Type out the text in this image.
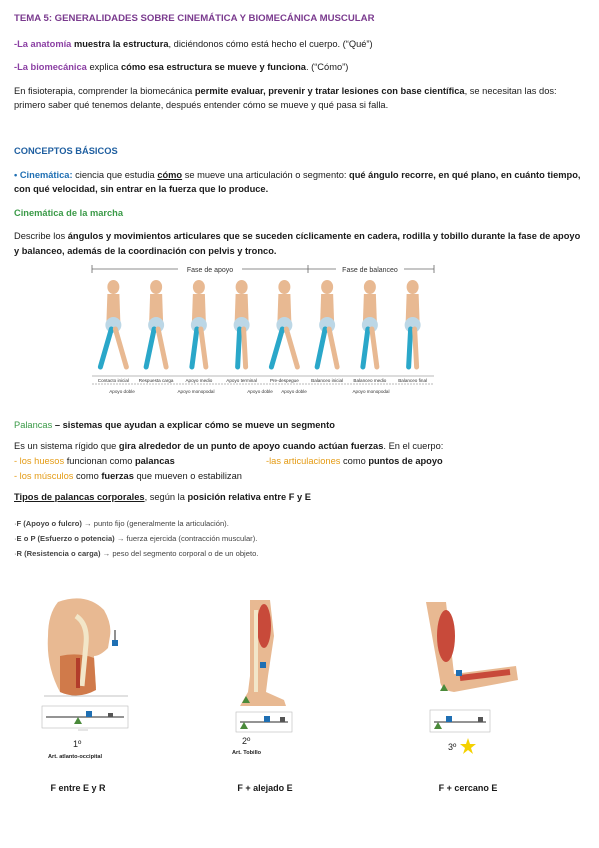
TEMA 5: GENERALIDADES SOBRE CINEMÁTICA Y BIOMECÁNICA MUSCULAR

-La anatomía muestra la estructura, diciéndonos cómo está hecho el cuerpo. (“Qué”)

-La biomecánica explica cómo esa estructura se mueve y funciona. (“Cómo”)

En fisioterapia, comprender la biomecánica permite evaluar, prevenir y tratar lesiones con base científica, se necesitan las dos: primero saber qué tenemos delante, después entender cómo se mueve y qué pasa si falla.

CONCEPTOS BÁSICOS

• Cinemática: ciencia que estudia cómo se mueve una articulación o segmento: qué ángulo recorre, en qué plano, en cuánto tiempo, con qué velocidad, sin entrar en la fuerza que lo produce.

Cinemática de la marcha

Describe los ángulos y movimientos articulares que se suceden cíclicamente en cadera, rodilla y tobillo durante la fase de apoyo y balanceo, además de la coordinación con pelvis y tronco.

Fase de apoyo	Fase de balanceo
Contacto inicial Respuesta carga	Apoyo medio	Apoyo terminal	Pre-despegue	Balanceo inicial Balanceo medio	Balanceo final
Apoyo doble	Apoyo monopodal	Apoyo doble Apoyo doble	Apoyo monopodal

Palancas – sistemas que ayudan a explicar cómo se mueve un segmento

Es un sistema rígido que gira alrededor de un punto de apoyo cuando actúan fuerzas. En el cuerpo:
- los huesos funcionan como palancas	-las articulaciones como puntos de apoyo
- los músculos como fuerzas que mueven o estabilizan
Tipos de palancas corporales, según la posición relativa entre F y E
·F (Apoyo o fulcro) → punto fijo (generalmente la articulación).
·E o P (Esfuerzo o potencia) → fuerza ejercida (contracción muscular).
·R (Resistencia o carga) → peso del segmento corporal o de un objeto.
1º
Art. atlanto-occipital
2º
Art. Tobillo
3º
F entre E y R	F + alejado E	F + cercano E
